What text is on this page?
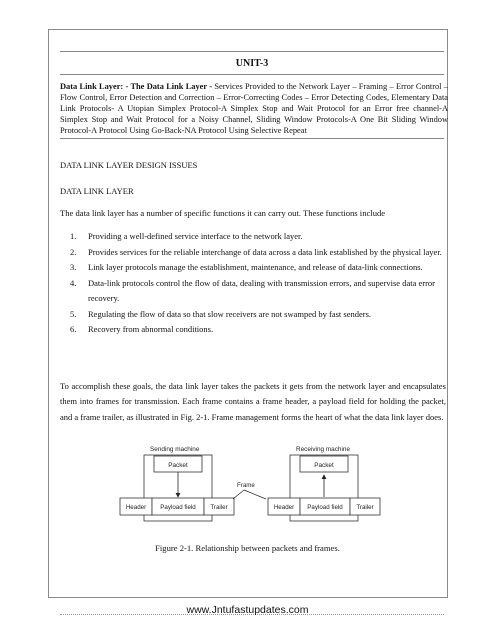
UNIT-3

Data Link Layer: - The Data Link Layer - Services Provided to the Network Layer – Framing – Error Control – Flow Control, Error Detection and Correction – Error-Correcting Codes – Error Detecting Codes, Elementary Data Link Protocols- A Utopian Simplex Protocol-A Simplex Stop and Wait Protocol for an Error free channel-A Simplex Stop and Wait Protocol for a Noisy Channel, Sliding Window Protocols-A One Bit Sliding Window Protocol-A Protocol Using Go-Back-NA Protocol Using Selective Repeat

DATA LINK LAYER DESIGN ISSUES

DATA LINK LAYER

The data link layer has a number of specific functions it can carry out. These functions include

1. Providing a well-defined service interface to the network layer.
2. Provides services for the reliable interchange of data across a data link established by the physical layer.
3. Link layer protocols manage the establishment, maintenance, and release of data-link connections.
4. Data-link protocols control the flow of data, dealing with transmission errors, and supervise data error recovery.
5. Regulating the flow of data so that slow receivers are not swamped by fast senders.
6. Recovery from abnormal conditions.

To accomplish these goals, the data link layer takes the packets it gets from the network layer and encapsulates them into frames for transmission. Each frame contains a frame header, a payload field for holding the packet, and a frame trailer, as illustrated in Fig. 2-1. Frame management forms the heart of what the data link layer does.

Sending machine	Receiving machine
Packet	Packet
Header Payload field Trailer	Header Payload field Trailer
Frame

Figure 2-1. Relationship between packets and frames.

www.Jntufastupdates.com
